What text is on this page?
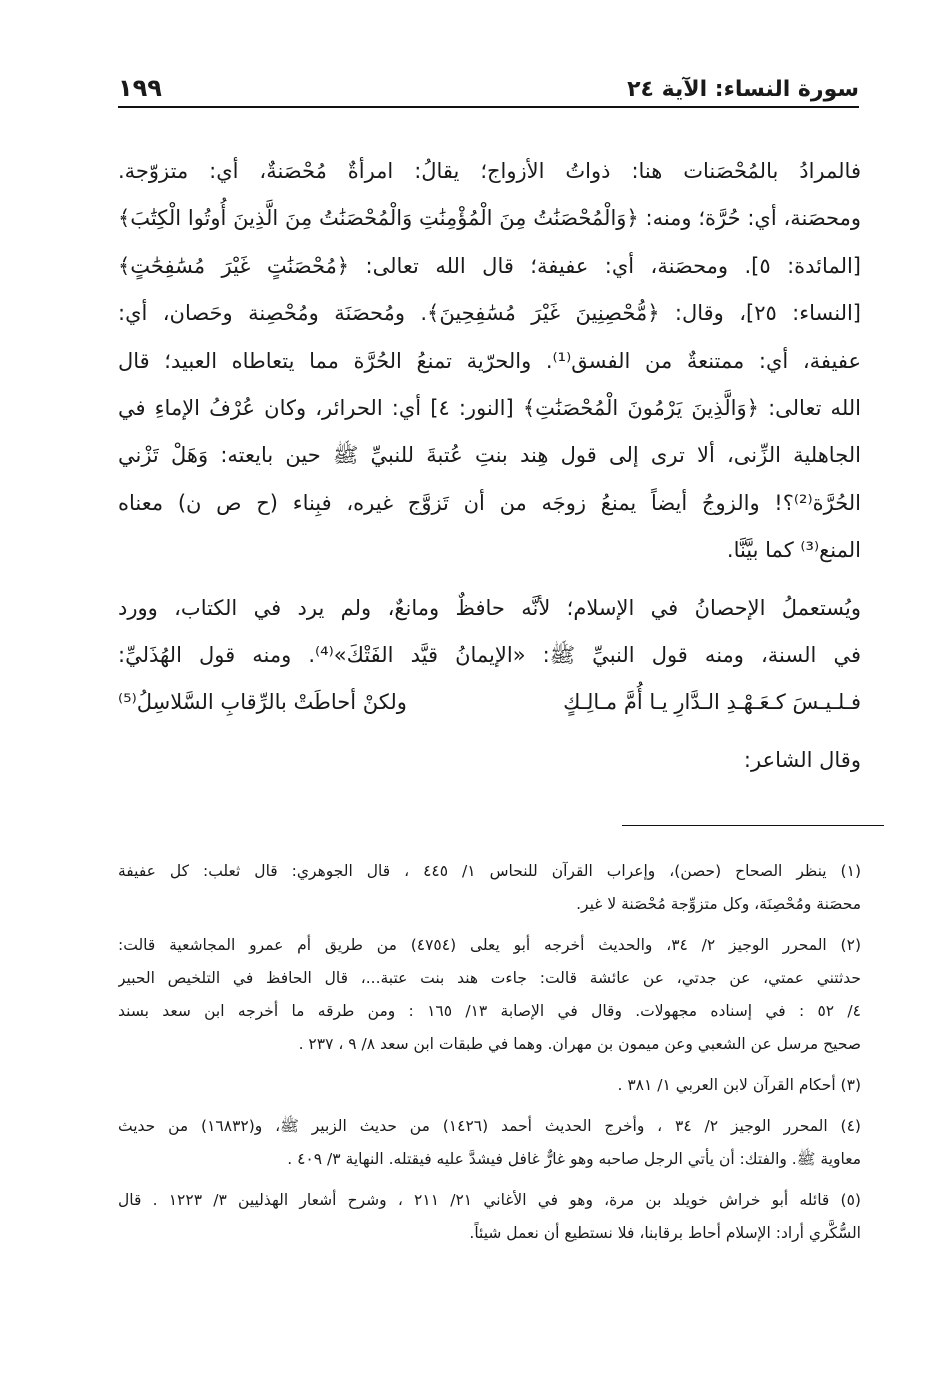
سورة النساء: الآية ٢٤
١٩٩
فالمرادُ بالمُحْصَنات هنا: ذواتُ الأزواج؛ يقالُ: امرأةٌ مُحْصَنةٌ، أي: متزوّجة.
ومحصَنة، أي: حُرَّة؛ ومنه: ﴿وَالْمُحْصَنَٰتُ مِنَ الْمُؤْمِنَٰتِ وَالْمُحْصَنَٰتُ مِنَ الَّذِينَ أُوتُوا الْكِتَٰبَ﴾
[المائدة: ٥]. ومحصَنة، أي: عفيفة؛ قال الله تعالى: ﴿مُحْصَنَٰتٍ غَيْرَ مُسَٰفِحَٰتٍ﴾
[النساء: ٢٥]، وقال: ﴿مُّحْصِنِينَ غَيْرَ مُسَٰفِحِينَ﴾. ومُحصَنَة ومُحْصِنة وحَصان، أي:
عفيفة، أي: ممتنعةٌ من الفسق⁽¹⁾. والحرّية تمنعُ الحُرَّة مما يتعاطاه العبيد؛ قال
الله تعالى: ﴿وَالَّذِينَ يَرْمُونَ الْمُحْصَنَٰتِ﴾ [النور: ٤] أي: الحرائر، وكان عُرْفُ الإماءِ في
الجاهلية الزِّنى، ألا ترى إلى قول هِند بنتِ عُتبةَ للنبيِّ ﷺ حين بايعته: وَهَلْ تَزْني
الحُرَّة⁽²⁾؟! والزوجُ أيضاً يمنعُ زوجَه من أن تَزوَّج غيره، فبِناء (ح ص ن) معناه
المنع⁽³⁾ كما بيَّنَّا.
ويُستعملُ الإحصانُ في الإسلام؛ لأنَّه حافظٌ ومانعٌ، ولم يرد في الكتاب، وورد
في السنة، ومنه قول النبيِّ ﷺ: «الإيمانُ قيَّد الفَتْكَ»⁽⁴⁾. ومنه قول الهُذَليِّ:
فـلـيـسَ كـعَـهْـدِ الـدَّارِ يـا أُمَّ مـالِـكٍ
ولكنْ أحاطَتْ بالرِّقابِ السَّلاسِلُ⁽⁵⁾
وقال الشاعر:
(١) ينظر الصحاح (حصن)، وإعراب القرآن للنحاس ١/ ٤٤٥ ، قال الجوهري: قال ثعلب: كل عفيفة
محصَنة ومُحْصِنَة، وكل متزوِّجة مُحْصَنة لا غير.
(٢) المحرر الوجيز ٢/ ٣٤، والحديث أخرجه أبو يعلى (٤٧٥٤) من طريق أم عمرو المجاشعية قالت:
حدثتني عمتي، عن جدتي، عن عائشة قالت: جاءت هند بنت عتبة...، قال الحافظ في التلخيص الحبير
٤/ ٥٢ : في إسناده مجهولات. وقال في الإصابة ١٣/ ١٦٥ : ومن طرقه ما أخرجه ابن سعد بسند
صحيح مرسل عن الشعبي وعن ميمون بن مهران. وهما في طبقات ابن سعد ٨/ ٩ ، ٢٣٧ .
(٣) أحكام القرآن لابن العربي ١/ ٣٨١ .
(٤) المحرر الوجيز ٢/ ٣٤ ، وأخرج الحديث أحمد (١٤٢٦) من حديث الزبير ﷺ، و(١٦٨٣٢) من حديث
معاوية ﷺ. والفتك: أن يأتي الرجل صاحبه وهو غارٌّ غافل فيشدَّ عليه فيقتله. النهاية ٣/ ٤٠٩ .
(٥) قائله أبو خراش خويلد بن مرة، وهو في الأغاني ٢١/ ٢١١ ، وشرح أشعار الهذليين ٣/ ١٢٢٣ . قال
السُّكَّري أراد: الإسلام أحاط برقابنا، فلا نستطيع أن نعمل شيئاً.
